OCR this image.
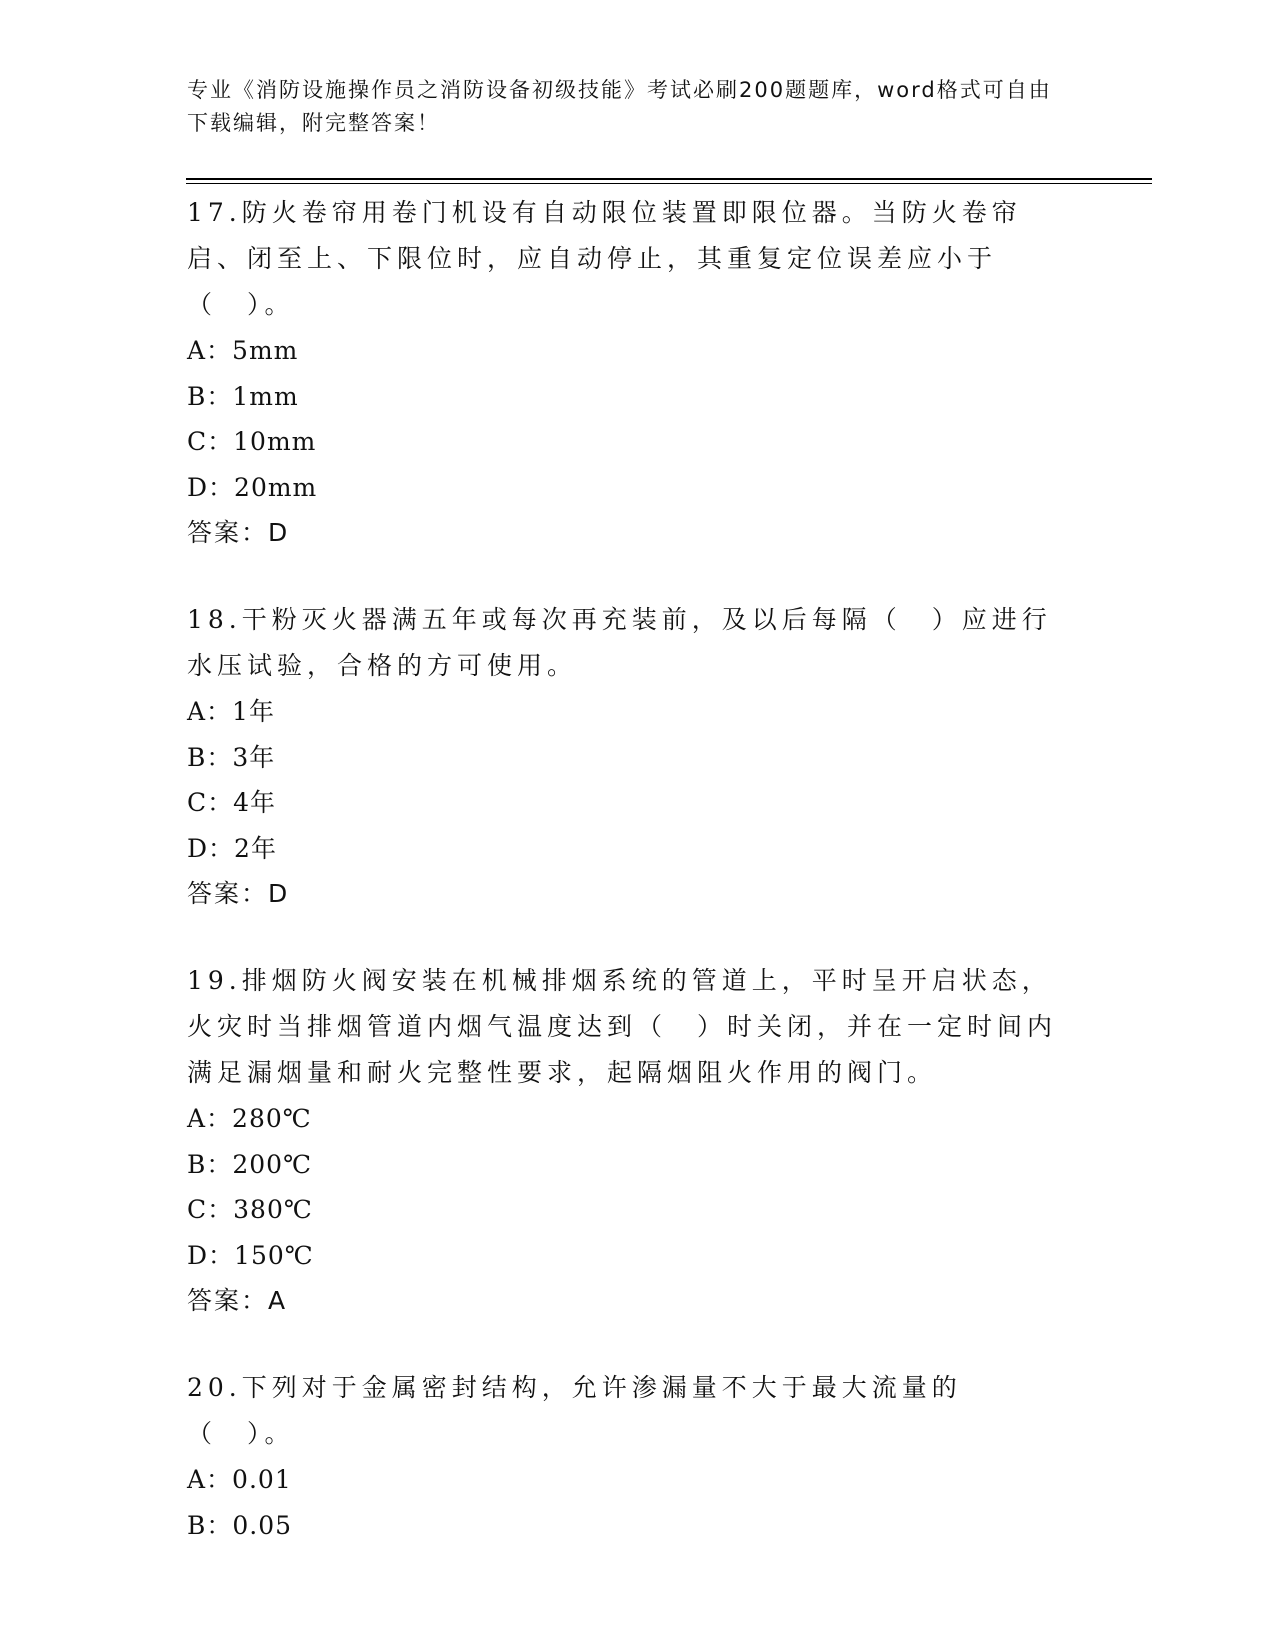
专业《消防设施操作员之消防设备初级技能》考试必刷200题题库，word格式可自由下载编辑，附完整答案！

17.防火卷帘用卷门机设有自动限位装置即限位器。当防火卷帘启、闭至上、下限位时，应自动停止，其重复定位误差应小于（　）。

A：5mm

B：1mm

C：10mm

D：20mm

答案：D

18.干粉灭火器满五年或每次再充装前，及以后每隔（　）应进行水压试验，合格的方可使用。

A：1年

B：3年

C：4年

D：2年

答案：D

19.排烟防火阀安装在机械排烟系统的管道上，平时呈开启状态，火灾时当排烟管道内烟气温度达到（　）时关闭，并在一定时间内满足漏烟量和耐火完整性要求，起隔烟阻火作用的阀门。

A：280℃

B：200℃

C：380℃

D：150℃

答案：A

20.下列对于金属密封结构，允许渗漏量不大于最大流量的（　）。

A：0.01

B：0.05
